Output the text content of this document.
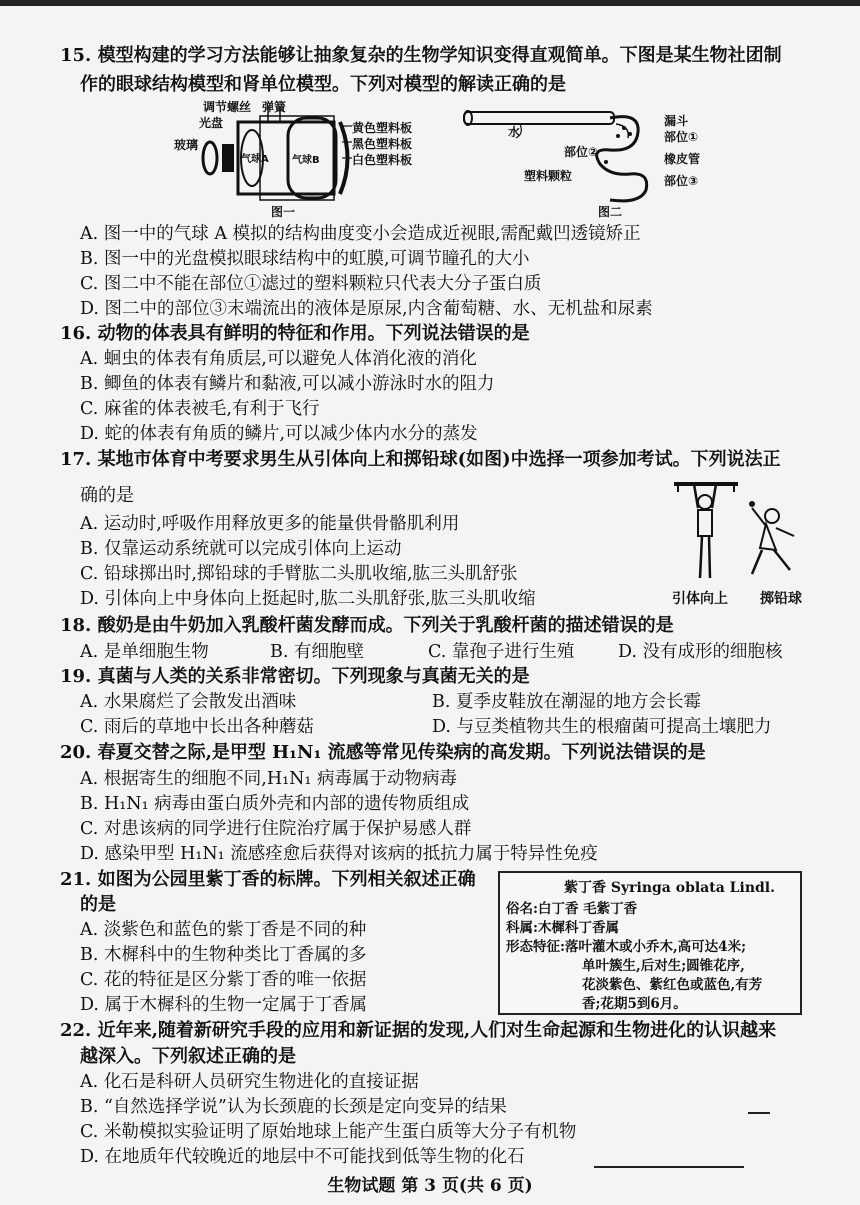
15. 模型构建的学习方法能够让抽象复杂的生物学知识变得直观简单。下图是某生物社团制
作的眼球结构模型和肾单位模型。下列对模型的解读正确的是
调节螺丝 弹簧
光盘
玻璃
气球A 气球B
黄色塑料板
黑色塑料板
白色塑料板
图一
水
漏斗
部位①
部位②	橡皮管
塑料颗粒	部位③
图二
A. 图一中的气球 A 模拟的结构曲度变小会造成近视眼,需配戴凹透镜矫正
B. 图一中的光盘模拟眼球结构中的虹膜,可调节瞳孔的大小
C. 图二中不能在部位①滤过的塑料颗粒只代表大分子蛋白质
D. 图二中的部位③末端流出的液体是原尿,内含葡萄糖、水、无机盐和尿素
16. 动物的体表具有鲜明的特征和作用。下列说法错误的是
A. 蛔虫的体表有角质层,可以避免人体消化液的消化
B. 鲫鱼的体表有鳞片和黏液,可以减小游泳时水的阻力
C. 麻雀的体表被毛,有利于飞行
D. 蛇的体表有角质的鳞片,可以减少体内水分的蒸发
17. 某地市体育中考要求男生从引体向上和掷铅球(如图)中选择一项参加考试。下列说法正
确的是
A. 运动时,呼吸作用释放更多的能量供骨骼肌利用
B. 仅靠运动系统就可以完成引体向上运动
C. 铅球掷出时,掷铅球的手臂肱二头肌收缩,肱三头肌舒张
D. 引体向上中身体向上挺起时,肱二头肌舒张,肱三头肌收缩	引体向上 掷铅球
18. 酸奶是由牛奶加入乳酸杆菌发酵而成。下列关于乳酸杆菌的描述错误的是
A. 是单细胞生物	B. 有细胞壁	C. 靠孢子进行生殖 D. 没有成形的细胞核
19. 真菌与人类的关系非常密切。下列现象与真菌无关的是
A. 水果腐烂了会散发出酒味	B. 夏季皮鞋放在潮湿的地方会长霉
C. 雨后的草地中长出各种蘑菇	D. 与豆类植物共生的根瘤菌可提高土壤肥力
20. 春夏交替之际,是甲型 H₁N₁ 流感等常见传染病的高发期。下列说法错误的是
A. 根据寄生的细胞不同,H₁N₁ 病毒属于动物病毒
B. H₁N₁ 病毒由蛋白质外壳和内部的遗传物质组成
C. 对患该病的同学进行住院治疗属于保护易感人群
D. 感染甲型 H₁N₁ 流感痊愈后获得对该病的抵抗力属于特异性免疫
21. 如图为公园里紫丁香的标牌。下列相关叙述正确
的是
A. 淡紫色和蓝色的紫丁香是不同的种
B. 木樨科中的生物种类比丁香属的多
C. 花的特征是区分紫丁香的唯一依据
D. 属于木樨科的生物一定属于丁香属
紫丁香 Syringa oblata Lindl.
俗名:白丁香 毛紫丁香
科属:木樨科丁香属
形态特征:落叶灌木或小乔木,高可达4米;
单叶簇生,后对生;圆锥花序,
花淡紫色、紫红色或蓝色,有芳
香;花期5到6月。
22. 近年来,随着新研究手段的应用和新证据的发现,人们对生命起源和生物进化的认识越来
越深入。下列叙述正确的是
A. 化石是科研人员研究生物进化的直接证据
B. “自然选择学说”认为长颈鹿的长颈是定向变异的结果
C. 米勒模拟实验证明了原始地球上能产生蛋白质等大分子有机物
D. 在地质年代较晚近的地层中不可能找到低等生物的化石
生物试题 第 3 页(共 6 页)
